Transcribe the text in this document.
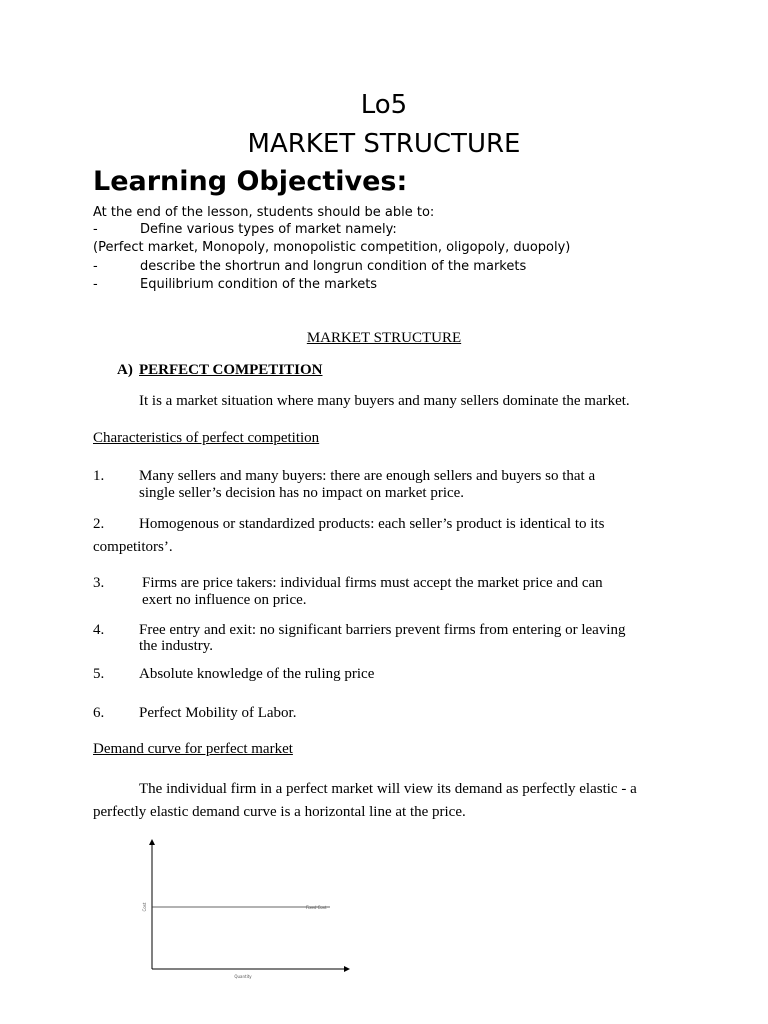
Lo5
MARKET STRUCTURE
Learning Objectives:
At the end of the lesson, students should be able to:
-	Define various types of market namely:
(Perfect market, Monopoly, monopolistic competition, oligopoly, duopoly)
-	describe the shortrun and longrun condition of the markets
-	Equilibrium condition of the markets
MARKET STRUCTURE
A) PERFECT COMPETITION
It is a market situation where many buyers and many sellers dominate the market.
Characteristics of perfect competition
1. Many sellers and many buyers: there are enough sellers and buyers so that a
single seller’s decision has no impact on market price.
2. Homogenous or standardized products: each seller’s product is identical to its
competitors’.
3.	Firms are price takers: individual firms must accept the market price and can
exert no influence on price.
4. Free entry and exit: no significant barriers prevent firms from entering or leaving
the industry.
5. Absolute knowledge of the ruling price
6. Perfect Mobility of Labor.
Demand curve for perfect market
The individual firm in a perfect market will view its demand as perfectly elastic - a
perfectly elastic demand curve is a horizontal line at the price.
Fixed Cost
Cost
Quantity
